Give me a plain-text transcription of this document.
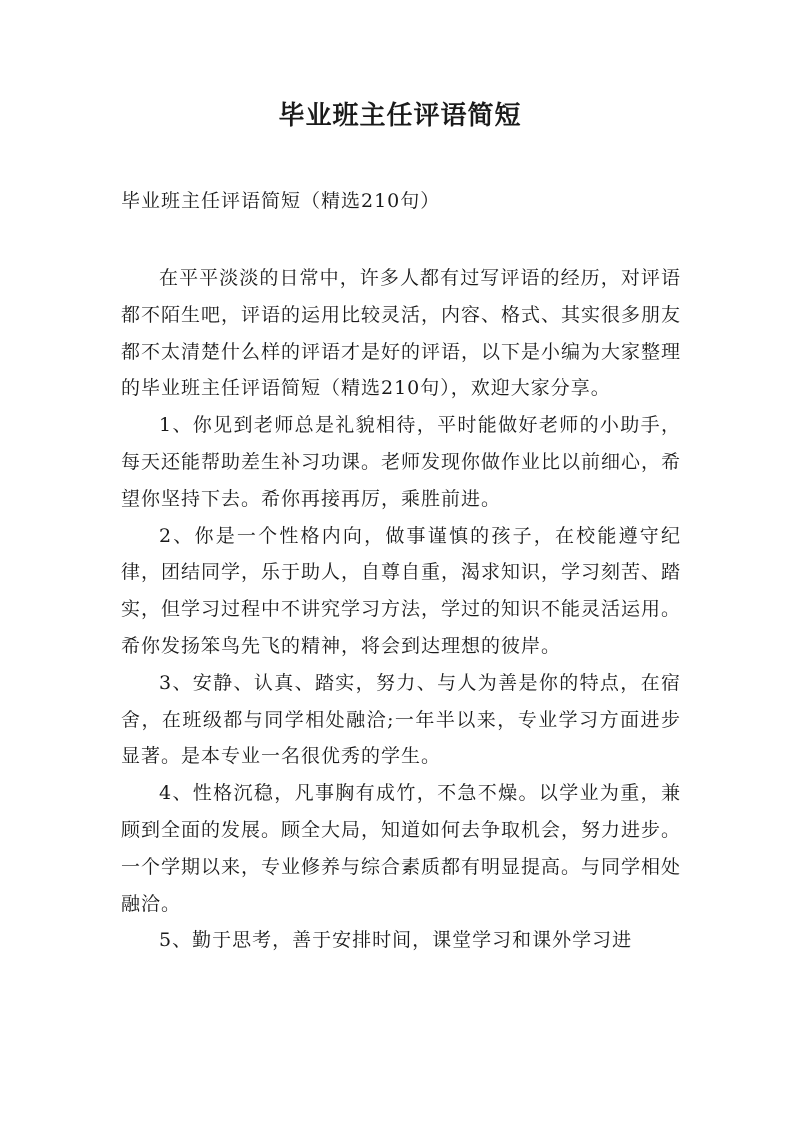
毕业班主任评语简短
毕业班主任评语简短（精选210句）

在平平淡淡的日常中，许多人都有过写评语的经历，对评语都不陌生吧，评语的运用比较灵活，内容、格式、其实很多朋友都不太清楚什么样的评语才是好的评语，以下是小编为大家整理的毕业班主任评语简短（精选210句），欢迎大家分享。

1、你见到老师总是礼貌相待，平时能做好老师的小助手，每天还能帮助差生补习功课。老师发现你做作业比以前细心，希望你坚持下去。希你再接再厉，乘胜前进。

2、你是一个性格内向，做事谨慎的孩子，在校能遵守纪律，团结同学，乐于助人，自尊自重，渴求知识，学习刻苦、踏实，但学习过程中不讲究学习方法，学过的知识不能灵活运用。希你发扬笨鸟先飞的精神，将会到达理想的彼岸。

3、安静、认真、踏实，努力、与人为善是你的特点，在宿舍，在班级都与同学相处融洽;一年半以来，专业学习方面进步显著。是本专业一名很优秀的学生。

4、性格沉稳，凡事胸有成竹，不急不燥。以学业为重，兼顾到全面的发展。顾全大局，知道如何去争取机会，努力进步。一个学期以来，专业修养与综合素质都有明显提高。与同学相处融洽。

5、勤于思考，善于安排时间，课堂学习和课外学习进
